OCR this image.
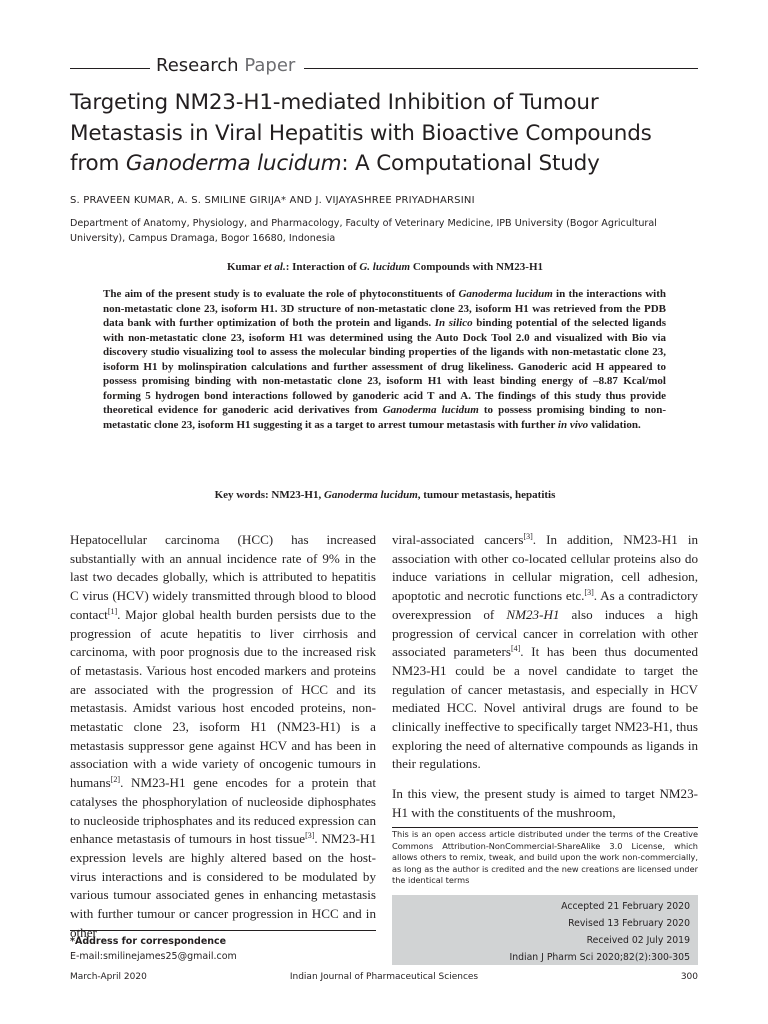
Research Paper
Targeting NM23-H1-mediated Inhibition of Tumour Metastasis in Viral Hepatitis with Bioactive Compounds from Ganoderma lucidum: A Computational Study
S. PRAVEEN KUMAR, A. S. SMILINE GIRIJA* AND J. VIJAYASHREE PRIYADHARSINI
Department of Anatomy, Physiology, and Pharmacology, Faculty of Veterinary Medicine, IPB University (Bogor Agricultural University), Campus Dramaga, Bogor 16680, Indonesia
Kumar et al.: Interaction of G. lucidum Compounds with NM23-H1
The aim of the present study is to evaluate the role of phytoconstituents of Ganoderma lucidum in the interactions with non-metastatic clone 23, isoform H1. 3D structure of non-metastatic clone 23, isoform H1 was retrieved from the PDB data bank with further optimization of both the protein and ligands. In silico binding potential of the selected ligands with non-metastatic clone 23, isoform H1 was determined using the Auto Dock Tool 2.0 and visualized with Bio via discovery studio visualizing tool to assess the molecular binding properties of the ligands with non-metastatic clone 23, isoform H1 by molinspiration calculations and further assessment of drug likeliness. Ganoderic acid H appeared to possess promising binding with non-metastatic clone 23, isoform H1 with least binding energy of –8.87 Kcal/mol forming 5 hydrogen bond interactions followed by ganoderic acid T and A. The findings of this study thus provide theoretical evidence for ganoderic acid derivatives from Ganoderma lucidum to possess promising binding to non-metastatic clone 23, isoform H1 suggesting it as a target to arrest tumour metastasis with further in vivo validation.
Key words: NM23-H1, Ganoderma lucidum, tumour metastasis, hepatitis

Hepatocellular carcinoma (HCC) has increased substantially with an annual incidence rate of 9% in the last two decades globally, which is attributed to hepatitis C virus (HCV) widely transmitted through blood to blood contact[1]. Major global health burden persists due to the progression of acute hepatitis to liver cirrhosis and carcinoma, with poor prognosis due to the increased risk of metastasis. Various host encoded markers and proteins are associated with the progression of HCC and its metastasis. Amidst various host encoded proteins, non-metastatic clone 23, isoform H1 (NM23-H1) is a metastasis suppressor gene against HCV and has been in association with a wide variety of oncogenic tumours in humans[2]. NM23-H1 gene encodes for a protein that catalyses the phosphorylation of nucleoside diphosphates to nucleoside triphosphates and its reduced expression can enhance metastasis of tumours in host tissue[3]. NM23-H1 expression levels are highly altered based on the host-virus interactions and is considered to be modulated by various tumour associated genes in enhancing metastasis with further tumour or cancer progression in HCC and in other

viral-associated cancers[3]. In addition, NM23-H1 in association with other co-located cellular proteins also do induce variations in cellular migration, cell adhesion, apoptotic and necrotic functions etc.[3]. As a contradictory overexpression of NM23-H1 also induces a high progression of cervical cancer in correlation with other associated parameters[4]. It has been thus documented NM23-H1 could be a novel candidate to target the regulation of cancer metastasis, and especially in HCV mediated HCC. Novel antiviral drugs are found to be clinically ineffective to specifically target NM23-H1, thus exploring the need of alternative compounds as ligands in their regulations.

In this view, the present study is aimed to target NM23-H1 with the constituents of the mushroom,

This is an open access article distributed under the terms of the Creative Commons Attribution-NonCommercial-ShareAlike 3.0 License, which allows others to remix, tweak, and build upon the work non-commercially, as long as the author is credited and the new creations are licensed under the identical terms
Accepted 21 February 2020
Revised 13 February 2020
Received 02 July 2019
Indian J Pharm Sci 2020;82(2):300-305
*Address for correspondence
E-mail:smilinejames25@gmail.com
March-April 2020	Indian Journal of Pharmaceutical Sciences	300
